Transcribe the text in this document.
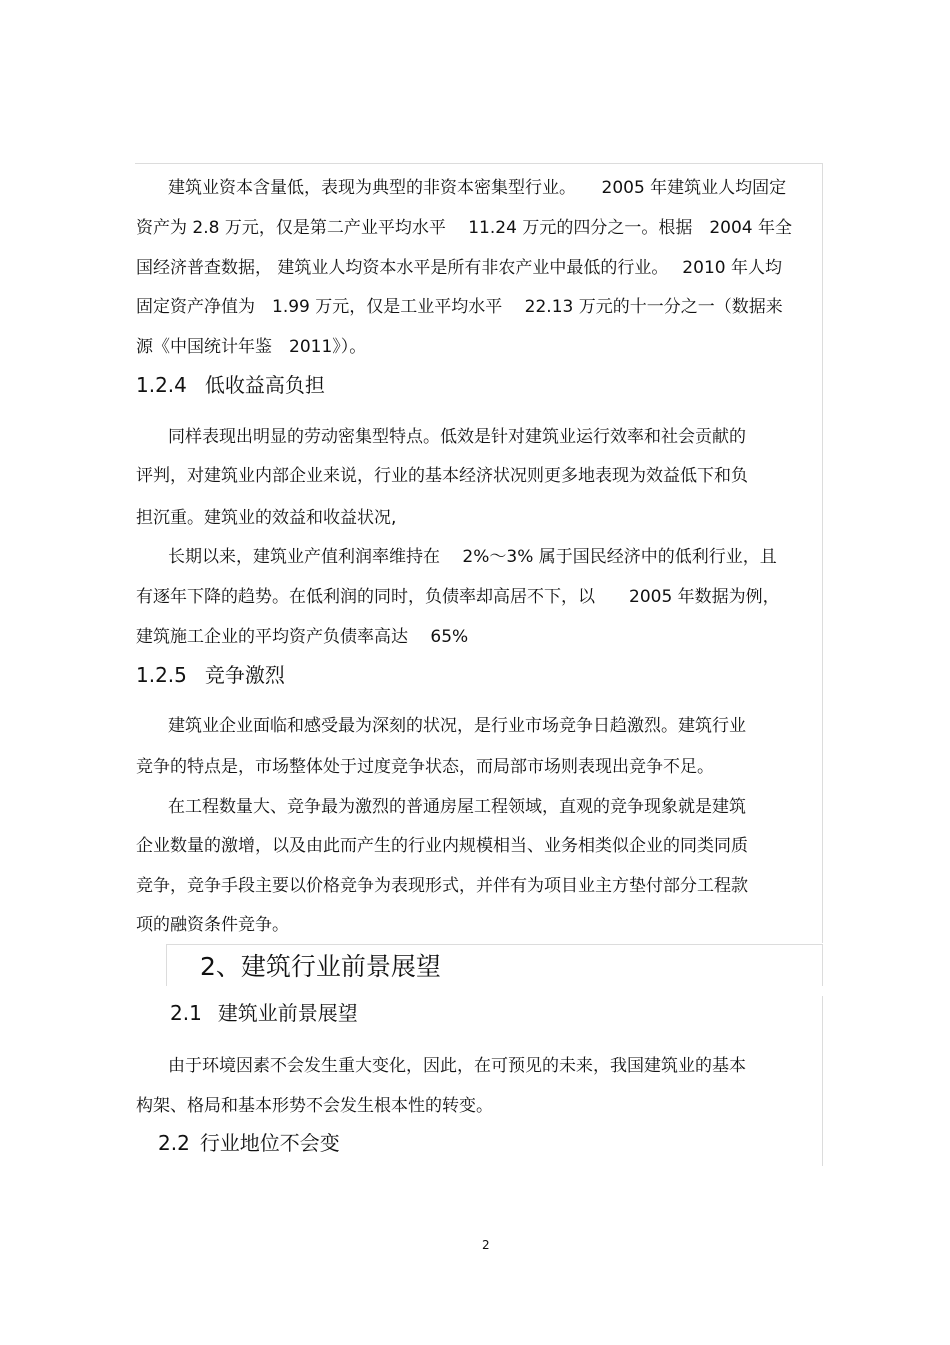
建筑业资本含量低，表现为典型的非资本密集型行业。　　2005 年建筑业人均固定
资产为 2.8 万元，仅是第二产业平均水平　 11.24 万元的四分之一。根据　2004 年全
国经济普查数据， 建筑业人均资本水平是所有非农产业中最低的行业。　 2010 年人均
固定资产净值为　1.99 万元，仅是工业平均水平　 22.13 万元的十一分之一（数据来
源《中国统计年鉴　2011》）。
1.2.4 低收益高负担
同样表现出明显的劳动密集型特点。低效是针对建筑业运行效率和社会贡献的
评判，对建筑业内部企业来说，行业的基本经济状况则更多地表现为效益低下和负
担沉重。建筑业的效益和收益状况,
长期以来，建筑业产值利润率维持在　 2%～3% 属于国民经济中的低利行业，且
有逐年下降的趋势。在低利润的同时，负债率却高居不下，以　　2005 年数据为例，
建筑施工企业的平均资产负债率高达　 65%
1.2.5 竞争激烈
建筑业企业面临和感受最为深刻的状况，是行业市场竞争日趋激烈。建筑行业
竞争的特点是，市场整体处于过度竞争状态，而局部市场则表现出竞争不足。
在工程数量大、竞争最为激烈的普通房屋工程领域，直观的竞争现象就是建筑
企业数量的激增，以及由此而产生的行业内规模相当、业务相类似企业的同类同质
竞争，竞争手段主要以价格竞争为表现形式，并伴有为项目业主方垫付部分工程款
项的融资条件竞争。
2、建筑行业前景展望
2.1 建筑业前景展望
由于环境因素不会发生重大变化，因此，在可预见的未来，我国建筑业的基本
构架、格局和基本形势不会发生根本性的转变。
2.2 行业地位不会变
2
